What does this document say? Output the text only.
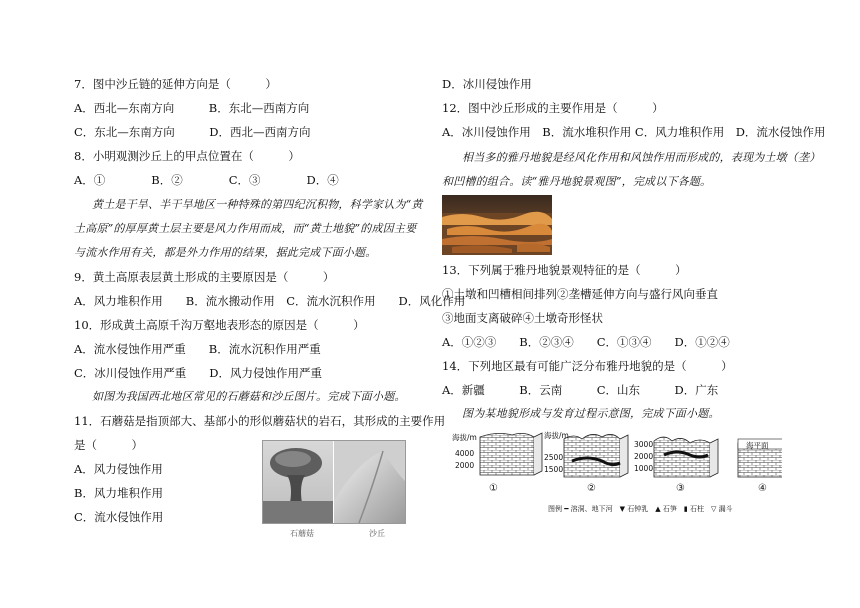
7．图中沙丘链的延伸方向是（　　　）
A．西北—东南方向　　　B．东北—西南方向
C．东北—东南方向　　　D．西北—西南方向
8．小明观测沙丘上的甲点位置在（　　　）
A．①　　　　B．②　　　　C．③　　　　D．④
黄土是干旱、半干旱地区一种特殊的第四纪沉积物，科学家认为“黄
土高原”的厚厚黄土层主要是风力作用而成，而“黄土地貌”的成因主要
与流水作用有关，都是外力作用的结果，据此完成下面小题。
9．黄土高原表层黄土形成的主要原因是（　　　）
A．风力堆积作用　　B．流水搬动作用　C．流水沉积作用　　D．风化作用
10．形成黄土高原千沟万壑地表形态的原因是（　　　）
A．流水侵蚀作用严重　　B．流水沉积作用严重
C．冰川侵蚀作用严重　　D．风力侵蚀作用严重
如图为我国西北地区常见的石蘑菇和沙丘图片。完成下面小题。
11．石蘑菇是指顶部大、基部小的形似蘑菇状的岩石，其形成的主要作用
是（　　　）
A．风力侵蚀作用
B．风力堆积作用
C．流水侵蚀作用
石蘑菇	沙丘
D．冰川侵蚀作用
12．图中沙丘形成的主要作用是（　　　）
A．冰川侵蚀作用　B．流水堆积作用 C．风力堆积作用　D．流水侵蚀作用
相当多的雅丹地貌是经风化作用和风蚀作用而形成的，表现为土墩（垄）
和凹槽的组合。读“雅丹地貌景观图”，完成以下各题。
13．下列属于雅丹地貌景观特征的是（　　　）
①土墩和凹槽相间排列②垄槽延伸方向与盛行风向垂直
③地面支离破碎④土墩奇形怪状
A．①②③　　B．②③④　　C．①③④　　D．①②④
14．下列地区最有可能广泛分布雅丹地貌的是（　　　）
A．新疆　　　B．云南　　　C．山东　　　D．广东
图为某地貌形成与发育过程示意图，完成下面小题。
海拔/m
4000
2000
海拔/m
2500
1500
3000
2000
1000
海平面
①	②	③	④
图例 ━ 溶洞、地下河　▼ 石钟乳　▲ 石笋　▮ 石柱　▽ 漏斗
